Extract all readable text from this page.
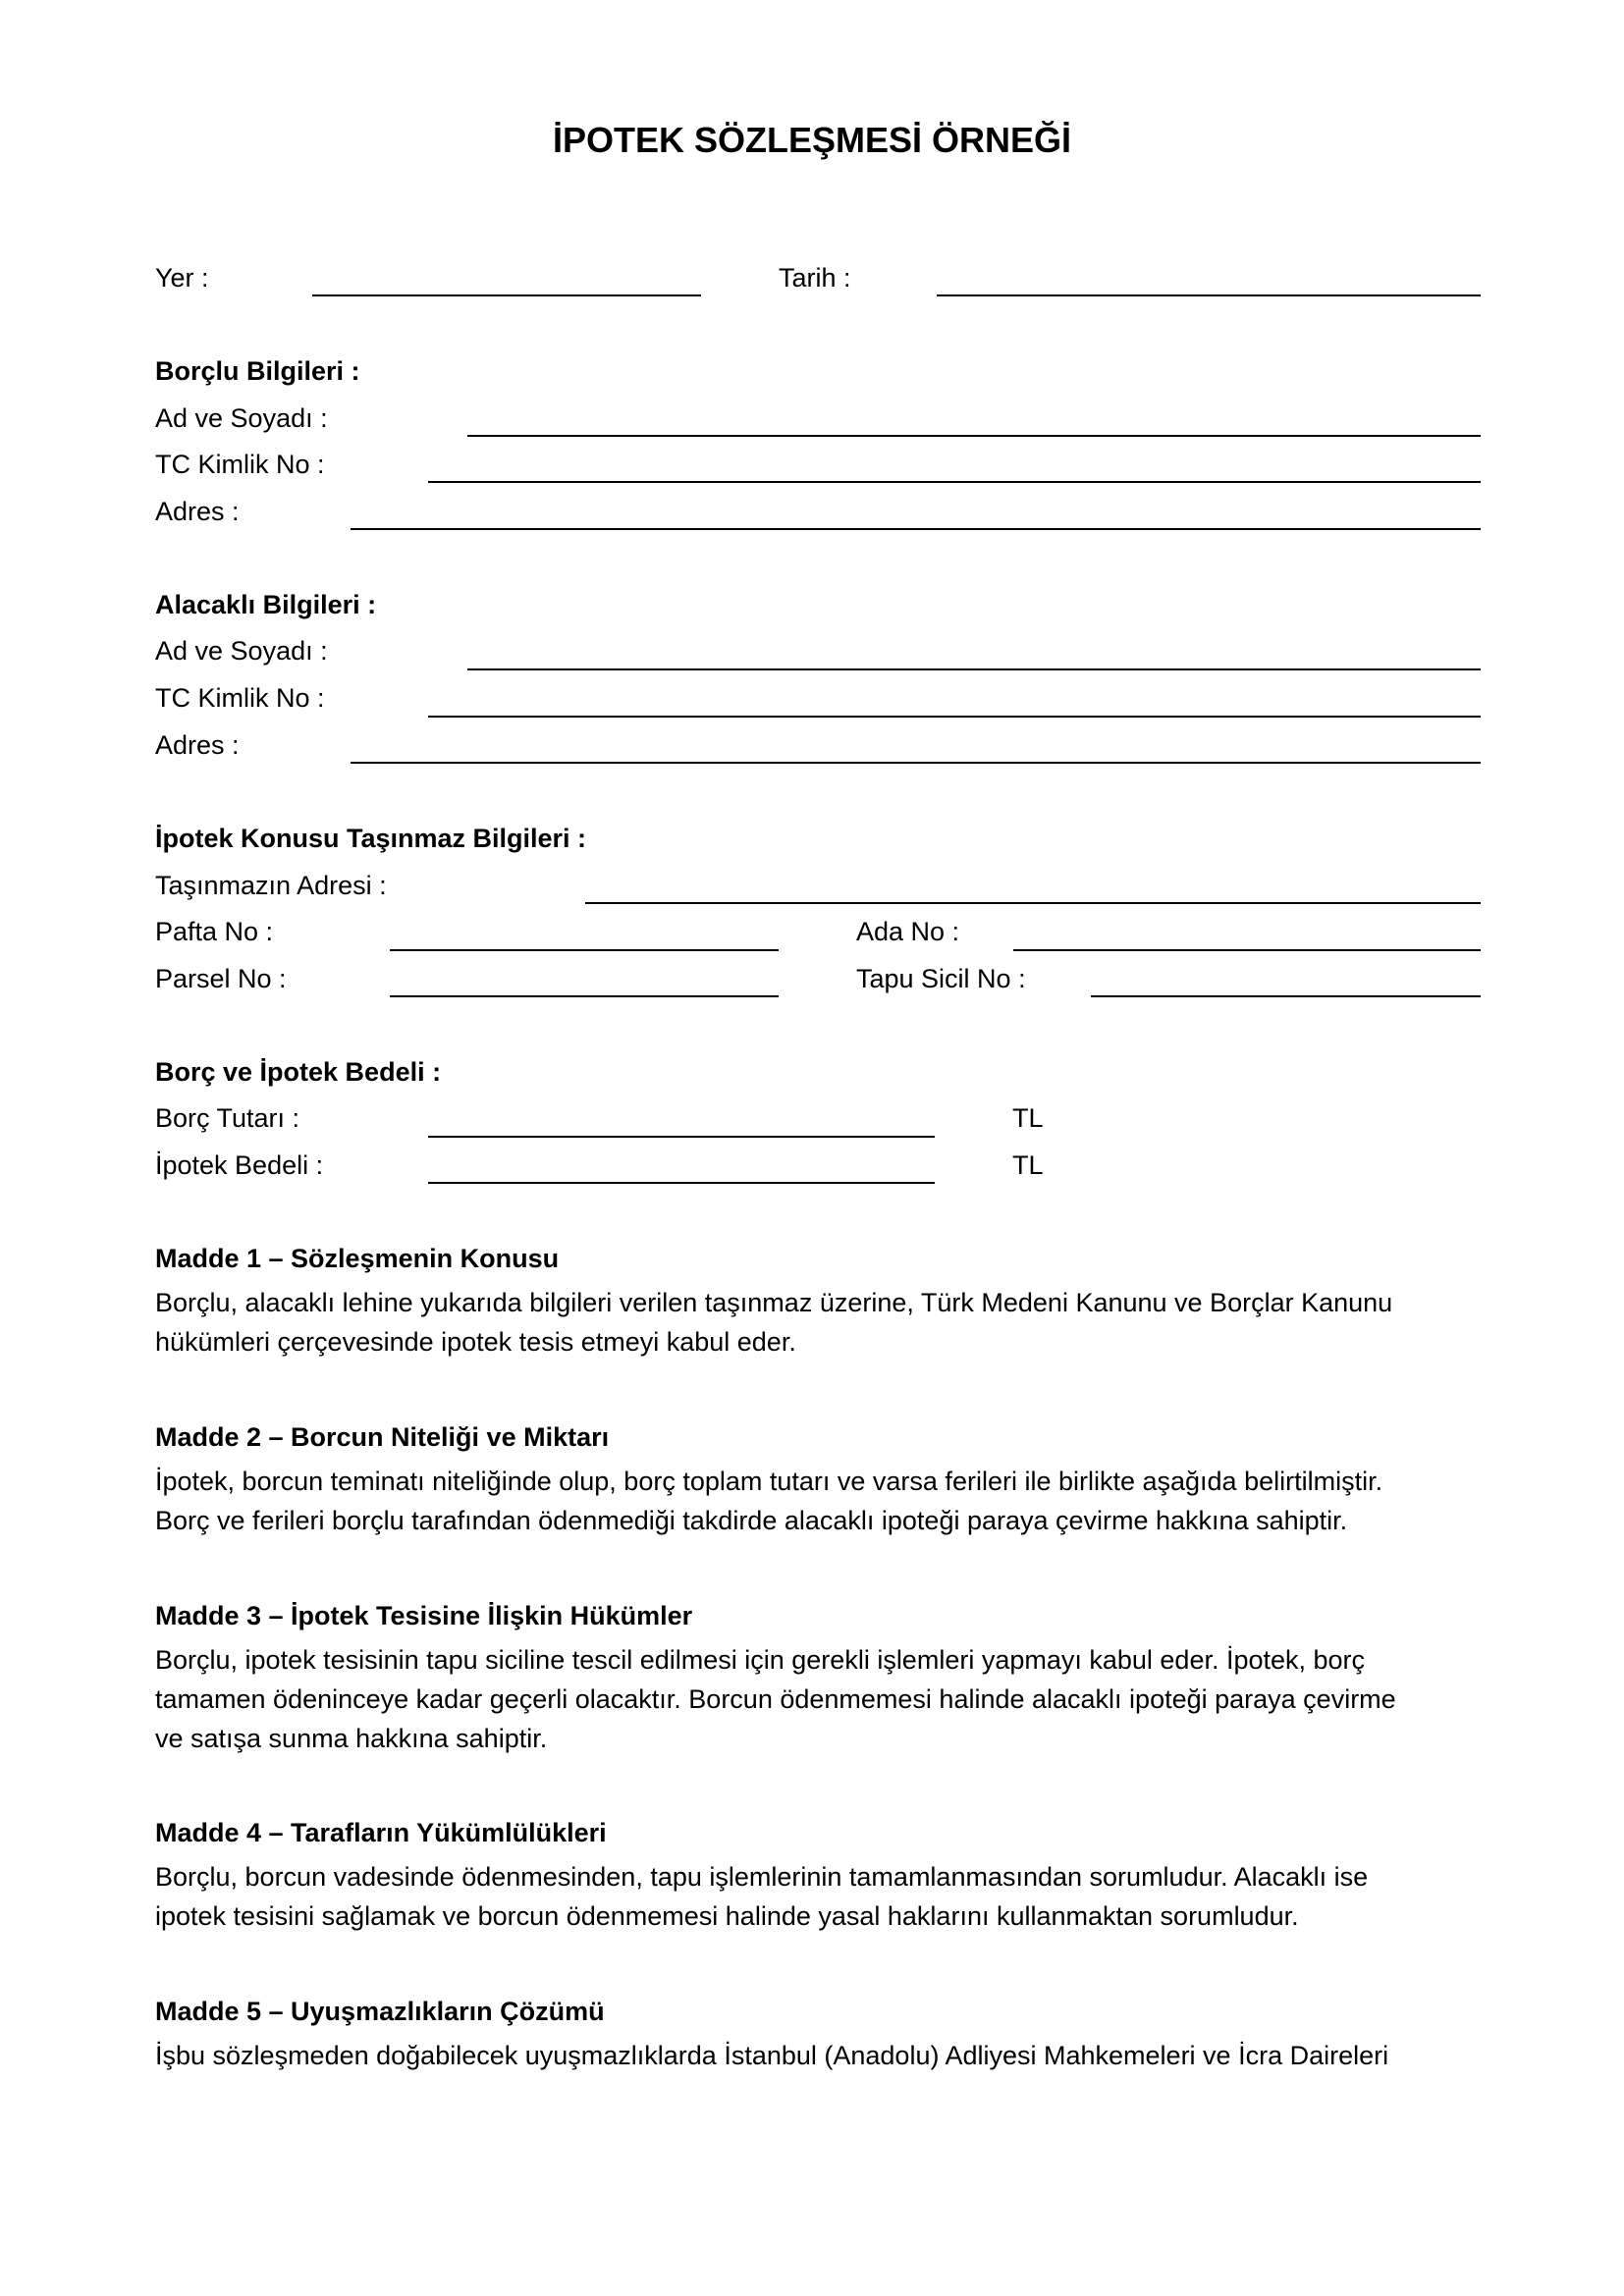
İPOTEK SÖZLEŞMESİ ÖRNEĞİ
Yer :	Tarih :
Borçlu Bilgileri :
Ad ve Soyadı :
TC Kimlik No :
Adres :
Alacaklı Bilgileri :
Ad ve Soyadı :
TC Kimlik No :
Adres :
İpotek Konusu Taşınmaz Bilgileri :
Taşınmazın Adresi :
Pafta No :	Ada No :
Parsel No :	Tapu Sicil No :
Borç ve İpotek Bedeli :
Borç Tutarı :	TL
İpotek Bedeli :	TL
Madde 1 – Sözleşmenin Konusu
Borçlu, alacaklı lehine yukarıda bilgileri verilen taşınmaz üzerine, Türk Medeni Kanunu ve Borçlar Kanunu
hükümleri çerçevesinde ipotek tesis etmeyi kabul eder.
Madde 2 – Borcun Niteliği ve Miktarı
İpotek, borcun teminatı niteliğinde olup, borç toplam tutarı ve varsa ferileri ile birlikte aşağıda belirtilmiştir.
Borç ve ferileri borçlu tarafından ödenmediği takdirde alacaklı ipoteği paraya çevirme hakkına sahiptir.
Madde 3 – İpotek Tesisine İlişkin Hükümler
Borçlu, ipotek tesisinin tapu siciline tescil edilmesi için gerekli işlemleri yapmayı kabul eder. İpotek, borç
tamamen ödeninceye kadar geçerli olacaktır. Borcun ödenmemesi halinde alacaklı ipoteği paraya çevirme
ve satışa sunma hakkına sahiptir.
Madde 4 – Tarafların Yükümlülükleri
Borçlu, borcun vadesinde ödenmesinden, tapu işlemlerinin tamamlanmasından sorumludur. Alacaklı ise
ipotek tesisini sağlamak ve borcun ödenmemesi halinde yasal haklarını kullanmaktan sorumludur.
Madde 5 – Uyuşmazlıkların Çözümü
İşbu sözleşmeden doğabilecek uyuşmazlıklarda İstanbul (Anadolu) Adliyesi Mahkemeleri ve İcra Daireleri
